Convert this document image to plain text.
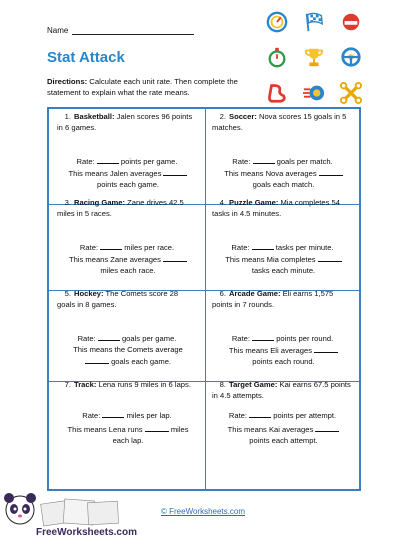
Name
Stat Attack
Directions: Calculate each unit rate. Then complete the statement to explain what the rate means.
1. Basketball: Jalen scores 96 points in 6 games.
Rate:	points per game.
This means Jalen averages
points each game.
2. Soccer: Nova scores 15 goals in 5 matches.
Rate:	goals per match.
This means Nova averages
goals each match.
3. Racing Game: Zane drives 42.5 miles in 5 races.
Rate:	miles per race.
This means Zane averages
miles each race.
4. Puzzle Game: Mia completes 54 tasks in 4.5 minutes.
Rate:	tasks per minute.
This means Mia completes
tasks each minute.
5. Hockey: The Comets score 28 goals in 8 games.
Rate:	goals per game.
This means the Comets average
goals each game.
6. Arcade Game: Eli earns 1,575 points in 7 rounds.
Rate:	points per round.
This means Eli averages
points each round.
7. Track: Lena runs 9 miles in 6 laps.
Rate:	miles per lap.
This means Lena runs	miles each lap.
8. Target Game: Kai earns 67.5 points in 4.5 attempts.
Rate:	points per attempt.
This means Kai averages
points each attempt.
© FreeWorksheets.com
FreeWorksheets.com
